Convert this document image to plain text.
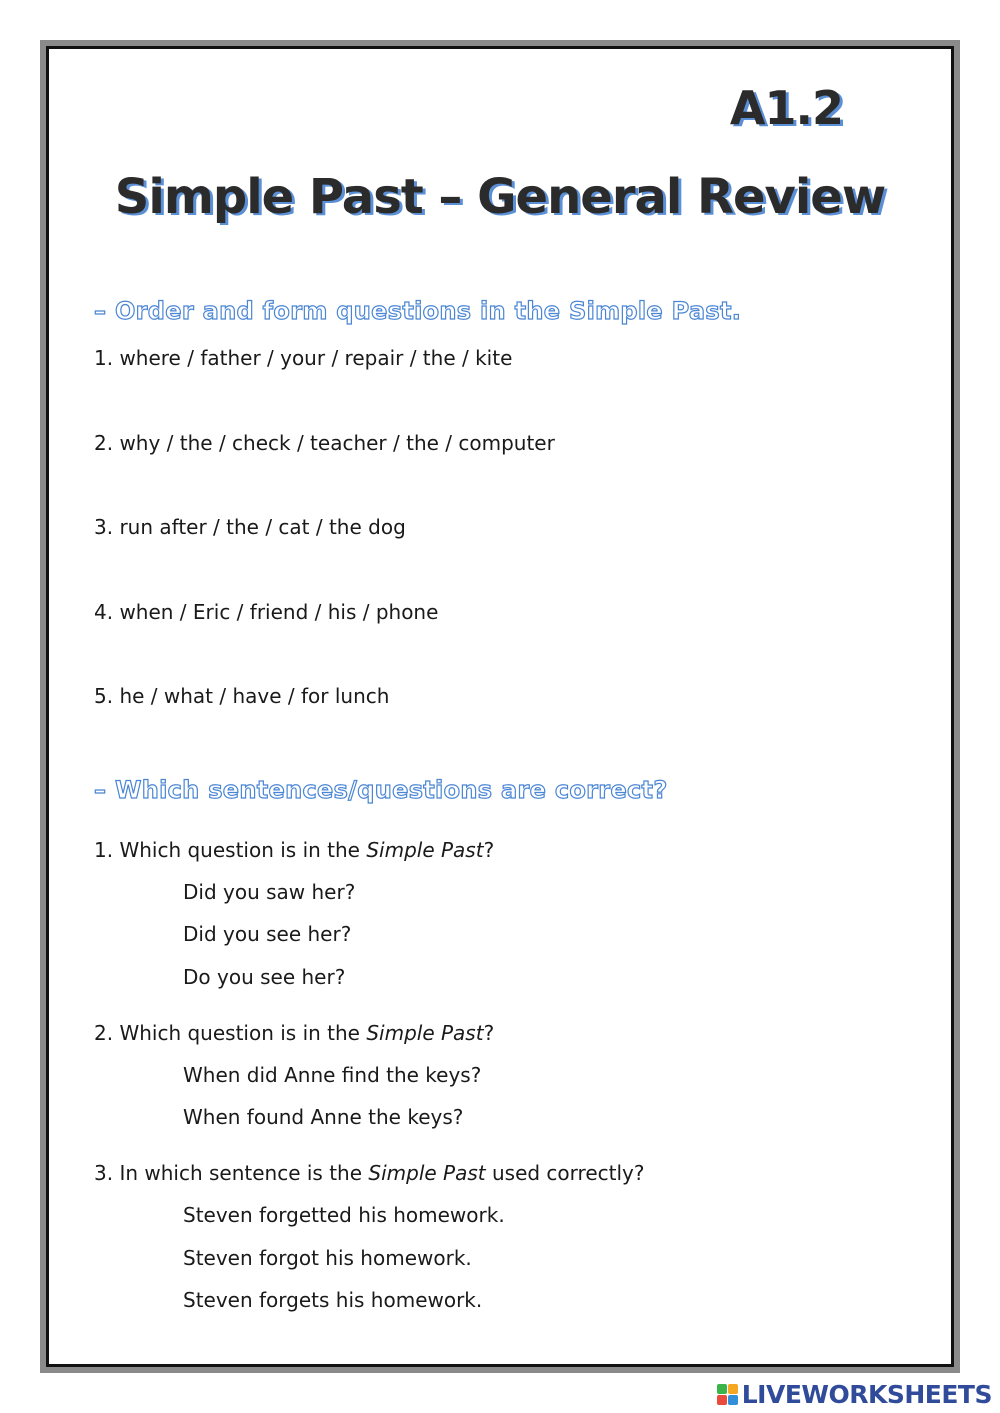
A1.2
Simple Past – General Review
– Order and form questions in the Simple Past.
1. where / father / your / repair / the / kite
2. why / the / check / teacher / the / computer
3. run after / the / cat / the dog
4. when / Eric / friend / his / phone
5. he / what / have / for lunch
– Which sentences/questions are correct?
1. Which question is in the Simple Past?
Did you saw her?
Did you see her?
Do you see her?
2. Which question is in the Simple Past?
When did Anne find the keys?
When found Anne the keys?
3. In which sentence is the Simple Past used correctly?
Steven forgetted his homework.
Steven forgot his homework.
Steven forgets his homework.
LIVEWORKSHEETS
